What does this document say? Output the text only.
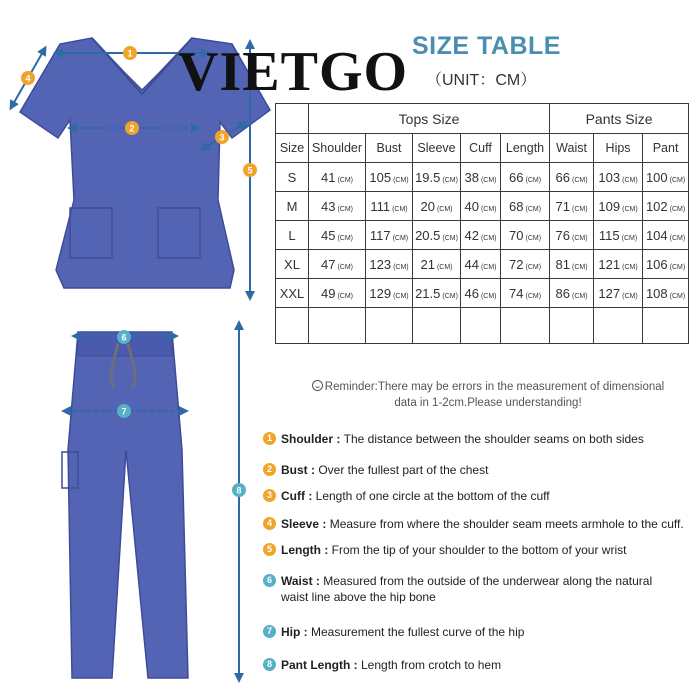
1
2
3
4
5
6
7
8
SIZE TABLE
（UNIT：CM）
VIETGO
	Tops Size					Pants Size		
Size	Shoulder	Bust	Sleeve	Cuff	Length	Waist	Hips	Pant
S	41 (CM)	105 (CM)	19.5 (CM)	38 (CM)	66 (CM)	66 (CM)	103 (CM)	100 (CM)
M	43 (CM)	111 (CM)	20 (CM)	40 (CM)	68 (CM)	71 (CM)	109 (CM)	102 (CM)
L	45 (CM)	117 (CM)	20.5 (CM)	42 (CM)	70 (CM)	76 (CM)	115 (CM)	104 (CM)
XL	47 (CM)	123 (CM)	21 (CM)	44 (CM)	72 (CM)	81 (CM)	121 (CM)	106 (CM)
XXL	49 (CM)	129 (CM)	21.5 (CM)	46 (CM)	74 (CM)	86 (CM)	127 (CM)	108 (CM)

Reminder:There may be errors in the measurement of dimensional
data in 1-2cm.Please understanding!
1 Shoulder : The distance between the shoulder seams on both sides
2 Bust : Over the fullest part of the chest
3 Cuff : Length of one circle at the bottom of the cuff
4 Sleeve : Measure from where the shoulder seam meets armhole to the cuff.
5 Length : From the tip of your shoulder to the bottom of your wrist
6 Waist : Measured from the outside of the underwear along the natural waist line above the hip bone
7 Hip : Measurement the fullest curve of the hip
8 Pant Length : Length from crotch to hem
